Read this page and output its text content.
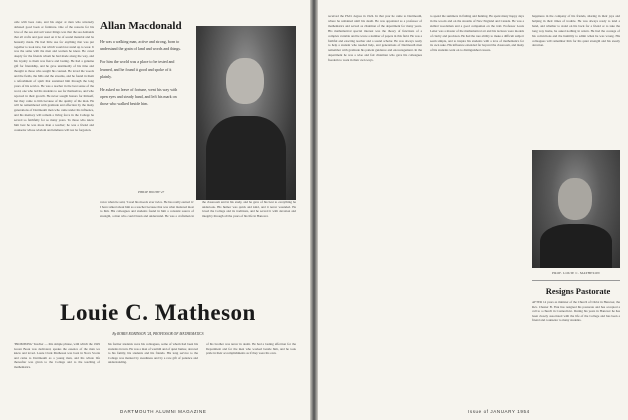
olde with bees cans, and his anger at men who unwisely debased good book or furniture. One of the reasons for his love of the sea and salt water things was that the sea demands that all crafts and gear used on it be of sound material and be honestly made. He had little use for anything that was put together to look nice, but which would not stand up to wear. It was the same with the men and women he knew. He cared deeply for the friends whom he had made along the way, and his loyalty to them was fierce and lasting. He had a genuine gift for friendship, and he gave unstintedly of his time and thought to those who sought his counsel. He loved the woods and the fields, the hills and the streams, and he found in them a refreshment of spirit that sustained him through the long years of his service. He was a teacher in the best sense of the word, one who led his students to see for themselves, and who rejoiced in their growth. He never sought honors for himself, but they came to him because of the quality of the man. He will be remembered with gratitude and affection by the many generations of Dartmouth men who came under his influence, and his memory will remain a living force in the College he served so faithfully for so many years. To those who knew him best he was more than a teacher; he was a friend and counselor whose wisdom and kindness will not be forgotten.

Allan Macdonald

He was a walking man, active and strong, born to understand the grain of land and words and things.

For him the world was a place to be tested and learned, and he found it good and spoke of it plainly.

He asked no leave of fortune, went his way with open eyes and steady hand, and left his mark on those who walked beside him.

PHILIP BOOTH '47

voice when he said, 'I read his moods ever twice. He has really earned it.' I have talked about him as a teacher because that was what mattered most to him. His colleagues and students found in him a constant source of strength, a man who could listen and understand. He was a craftsman in the classroom and in his study, and he gave of his best to everything he undertook. His humor was quick and kind, and it never wounded. He loved the College and its traditions, and he served it with devotion and integrity through all the years of his life in Hanover.

Louie C. Matheson
By ROBIN ROBINSON '24, PROFESSOR OF MATHEMATICS

'PROMISING' Teacher — this simple phrase, with which the 1929 Green Book was dedicated, speaks the essence of the man we knew and loved. Louie Clark Matheson was born in Nova Scotia and came to Dartmouth as a young man, and his whole life thereafter was given to the College and to the teaching of mathematics.

his former students were his colleagues, some of whom had been his students in turn. He was a man of warmth and of quiet humor, devoted to his family, his students and his friends. His long service to the College was marked by steadiness and by a rare gift of patience and understanding.

of his brother was never in doubt. He had a lasting affection for the Department and for the men who worked beside him, and he took pride in their accomplishments as if they were his own.

DARTMOUTH ALUMNI MAGAZINE

received the Ph.D. degree in 1924. In that year he came to Dartmouth, where he remained until his death. He was appointed as a professor of mathematics and served as chairman of the department for many years. His mathematical special interest was the theory of functions of a complex variable and he wrote a number of papers in this field. He was a faithful and exacting teacher and a sound scholar. He was always ready to help a student who needed help, and generations of Dartmouth men remember with gratitude his patient guidance and encouragement. In the department he was a wise and fair chairman who gave his colleagues freedom to work in their own ways.

to spend the summers in fishing and hunting. He spent many happy days in the woods and on the streams of New England and Canada. He was a skilled woodsman and a good companion on the trail. Professor Louis Letter was a master of the mathematical art and his lectures were models of clarity and precision. He had the rare ability to make a difficult subject seem simple, and to inspire his students with a love of mathematics for its own sake. His influence extended far beyond the classroom, and many of his students went on to distinguished careers.

happiness in the company of his friends, sharing in their joys and helping in their times of trouble. He was always ready to lend a hand, and whether to stand on his back for a friend or to take the long way home, he asked nothing in return. He had the courage of his convictions and the humility to admit when he was wrong. His colleagues will remember him for his quiet strength and his steady devotion.

PROF. LOUIE C. MATHESON
Resigns Pastorate

AFTER 14 years as minister of the Church of Christ in Hanover, the Rev. Chester B. Fisk has resigned his pastorate and has accepted a call to a church in Connecticut. During his years in Hanover he has been closely associated with the life of the College and has been a friend and counselor to many students.

Issue of JANUARY 1954
